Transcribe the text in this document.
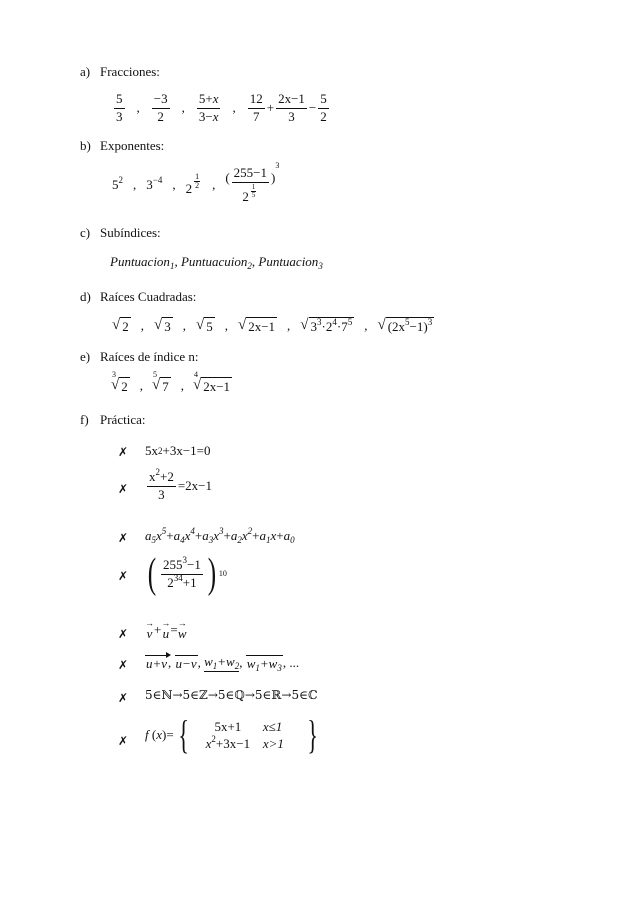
a) Fracciones:
$\frac{5}{3}$ , $\frac{-3}{2}$ , $\frac{5+x}{3-x}$ , $\frac{12}{7} + \frac{2x-1}{3} - \frac{5}{2}$
b) Exponentes:
$5^2$ , $3^{-4}$ , $2 \frac{1}{2}$ , ( $\frac{255-1}{2 \frac{1}{5}}$ )
3
c) Subíndices:
Puntuacion$_1$ ,
Puntuacuion$_2$ ,
Puntuacion$_3$
d) Raíces Cuadradas:
√ 2 , √ 3 , √ 5 , √ 2x−1 , √ $3^3\cdot 2^4\cdot 7^5$ , √ $(2x^5-1)^3$
e) Raíces de índice n:
3
√ 2 ,
5
√ 7 ,
4
√ 2x−1
f) Práctica:
✗ 5x 2 +3x−1=0
✗ $\frac{x^2+2}{3} =2x-1$
✗ $a_5x^5+ a_4x^4+ a_3x^3+ a_2x^2+ a_1x+ a_0$
✗ ( $\frac{255^3-1}{2^{34}+1}$ ) 10
✗
→
v + →
u = →
w
✗ u+v ,
u−v ,
$w_1+w_2$ ,
$w_1+w_3$ , ...
✗ 5∈ℕ→5∈ℤ→5∈ℚ→5∈ℝ→5∈ℂ
✗ f
( x )= {	5x+1	x≤1
$x^2+3x-1$ x>1 }
